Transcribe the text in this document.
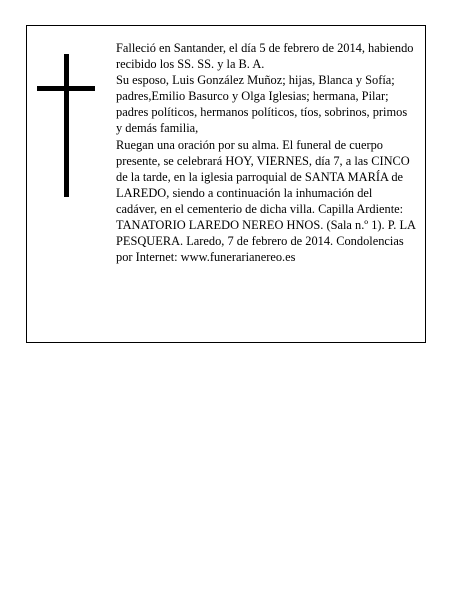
Falleció en Santander, el día 5 de febrero de 2014, habiendo recibido los SS. SS. y la B. A.

Su esposo, Luis González Muñoz; hijas, Blanca y Sofía; padres,Emilio Basurco y Olga Iglesias; hermana, Pilar; padres políticos, hermanos políticos, tíos, sobrinos, primos y demás familia,

Ruegan una oración por su alma. El funeral de cuerpo presente, se celebrará HOY, VIERNES, día 7, a las CINCO de la tarde, en la iglesia parroquial de SANTA MARÍA de LAREDO, siendo a continuación la inhumación del cadáver, en el cementerio de dicha villa. Capilla Ardiente: TANATORIO LAREDO NEREO HNOS. (Sala n.º 1). P. LA PESQUERA. Laredo, 7 de febrero de 2014. Condolencias por Internet: www.funerarianereo.es
